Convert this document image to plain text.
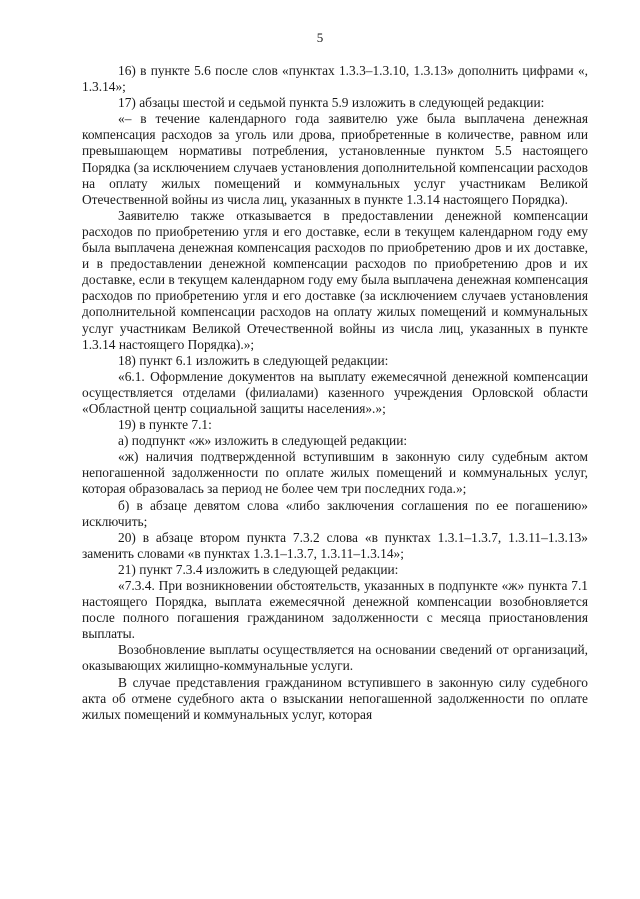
5

16) в пункте 5.6 после слов «пунктах 1.3.3–1.3.10, 1.3.13» дополнить цифрами «, 1.3.14»;

17) абзацы шестой и седьмой пункта 5.9 изложить в следующей редакции:

«– в течение календарного года заявителю уже была выплачена денежная компенсация расходов за уголь или дрова, приобретенные в количестве, равном или превышающем нормативы потребления, установленные пунктом 5.5 настоящего Порядка (за исключением случаев установления дополнительной компенсации расходов на оплату жилых помещений и коммунальных услуг участникам Великой Отечественной войны из числа лиц, указанных в пункте 1.3.14 настоящего Порядка).

Заявителю также отказывается в предоставлении денежной компенсации расходов по приобретению угля и его доставке, если в текущем календарном году ему была выплачена денежная компенсация расходов по приобретению дров и их доставке, и в предоставлении денежной компенсации расходов по приобретению дров и их доставке, если в текущем календарном году ему была выплачена денежная компенсация расходов по приобретению угля и его доставке (за исключением случаев установления дополнительной компенсации расходов на оплату жилых помещений и коммунальных услуг участникам Великой Отечественной войны из числа лиц, указанных в пункте 1.3.14 настоящего Порядка).»;

18) пункт 6.1 изложить в следующей редакции:

«6.1. Оформление документов на выплату ежемесячной денежной компенсации осуществляется отделами (филиалами) казенного учреждения Орловской области «Областной центр социальной защиты населения».»;

19) в пункте 7.1:

а) подпункт «ж» изложить в следующей редакции:

«ж) наличия подтвержденной вступившим в законную силу судебным актом непогашенной задолженности по оплате жилых помещений и коммунальных услуг, которая образовалась за период не более чем три последних года.»;

б) в абзаце девятом слова «либо заключения соглашения по ее погашению» исключить;

20) в абзаце втором пункта 7.3.2 слова «в пунктах 1.3.1–1.3.7, 1.3.11–1.3.13» заменить словами «в пунктах 1.3.1–1.3.7, 1.3.11–1.3.14»;

21) пункт 7.3.4 изложить в следующей редакции:

«7.3.4. При возникновении обстоятельств, указанных в подпункте «ж» пункта 7.1 настоящего Порядка, выплата ежемесячной денежной компенсации возобновляется после полного погашения гражданином задолженности с месяца приостановления выплаты.

Возобновление выплаты осуществляется на основании сведений от организаций, оказывающих жилищно-коммунальные услуги.

В случае представления гражданином вступившего в законную силу судебного акта об отмене судебного акта о взыскании непогашенной задолженности по оплате жилых помещений и коммунальных услуг, которая
